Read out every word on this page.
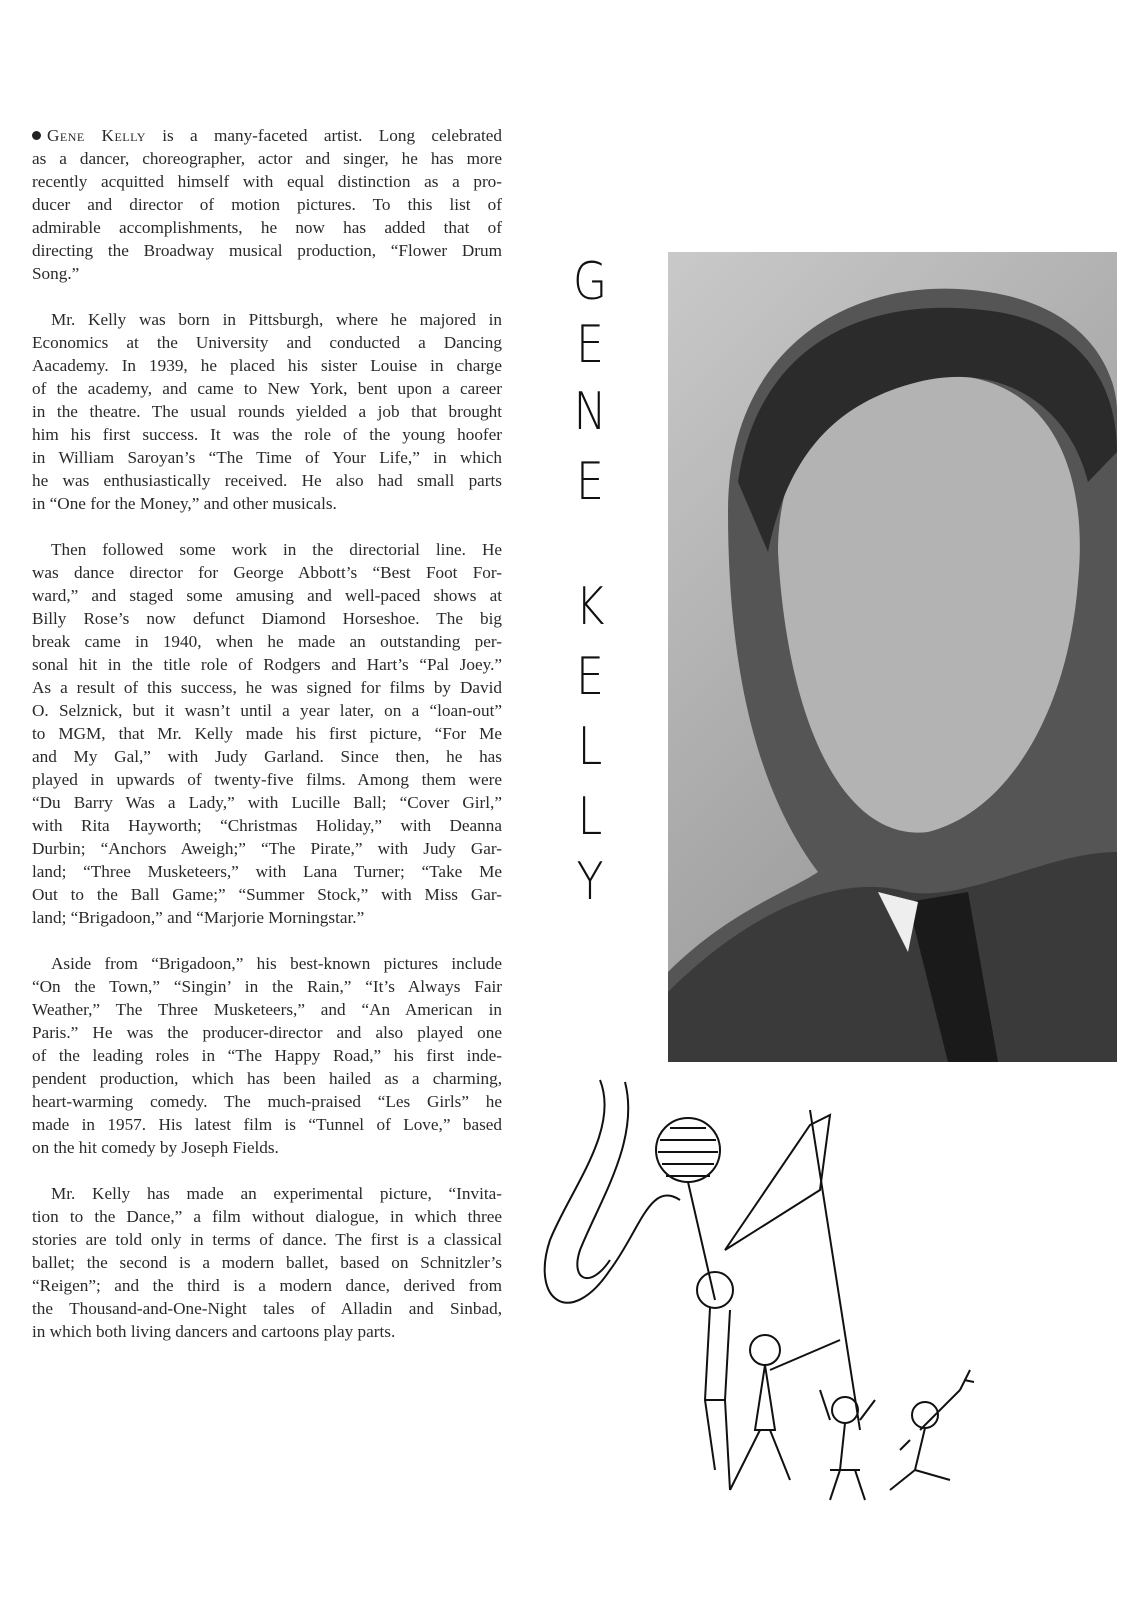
Gene Kelly is a many-faceted artist. Long celebrated
as a dancer, choreographer, actor and singer, he has more
recently acquitted himself with equal distinction as a pro-
ducer and director of motion pictures. To this list of
admirable accomplishments, he now has added that of
directing the Broadway musical production, “Flower Drum
Song.”
Mr. Kelly was born in Pittsburgh, where he majored in
Economics at the University and conducted a Dancing
Aacademy. In 1939, he placed his sister Louise in charge
of the academy, and came to New York, bent upon a career
in the theatre. The usual rounds yielded a job that brought
him his first success. It was the role of the young hoofer
in William Saroyan’s “The Time of Your Life,” in which
he was enthusiastically received. He also had small parts
in “One for the Money,” and other musicals.
Then followed some work in the directorial line. He
was dance director for George Abbott’s “Best Foot For-
ward,” and staged some amusing and well-paced shows at
Billy Rose’s now defunct Diamond Horseshoe. The big
break came in 1940, when he made an outstanding per-
sonal hit in the title role of Rodgers and Hart’s “Pal Joey.”
As a result of this success, he was signed for films by David
O. Selznick, but it wasn’t until a year later, on a “loan-out”
to MGM, that Mr. Kelly made his first picture, “For Me
and My Gal,” with Judy Garland. Since then, he has
played in upwards of twenty-five films. Among them were
“Du Barry Was a Lady,” with Lucille Ball; “Cover Girl,”
with Rita Hayworth; “Christmas Holiday,” with Deanna
Durbin; “Anchors Aweigh;” “The Pirate,” with Judy Gar-
land; “Three Musketeers,” with Lana Turner; “Take Me
Out to the Ball Game;” “Summer Stock,” with Miss Gar-
land; “Brigadoon,” and “Marjorie Morningstar.”
Aside from “Brigadoon,” his best-known pictures include
“On the Town,” “Singin’ in the Rain,” “It’s Always Fair
Weather,” The Three Musketeers,” and “An American in
Paris.” He was the producer-director and also played one
of the leading roles in “The Happy Road,” his first inde-
pendent production, which has been hailed as a charming,
heart-warming comedy. The much-praised “Les Girls” he
made in 1957. His latest film is “Tunnel of Love,” based
on the hit comedy by Joseph Fields.
Mr. Kelly has made an experimental picture, “Invita-
tion to the Dance,” a film without dialogue, in which three
stories are told only in terms of dance. The first is a classical
ballet; the second is a modern ballet, based on Schnitzler’s
“Reigen”; and the third is a modern dance, derived from
the Thousand-and-One-Night tales of Alladin and Sinbad,
in which both living dancers and cartoons play parts.
G
E
N
E
K
E
L
L
Y
